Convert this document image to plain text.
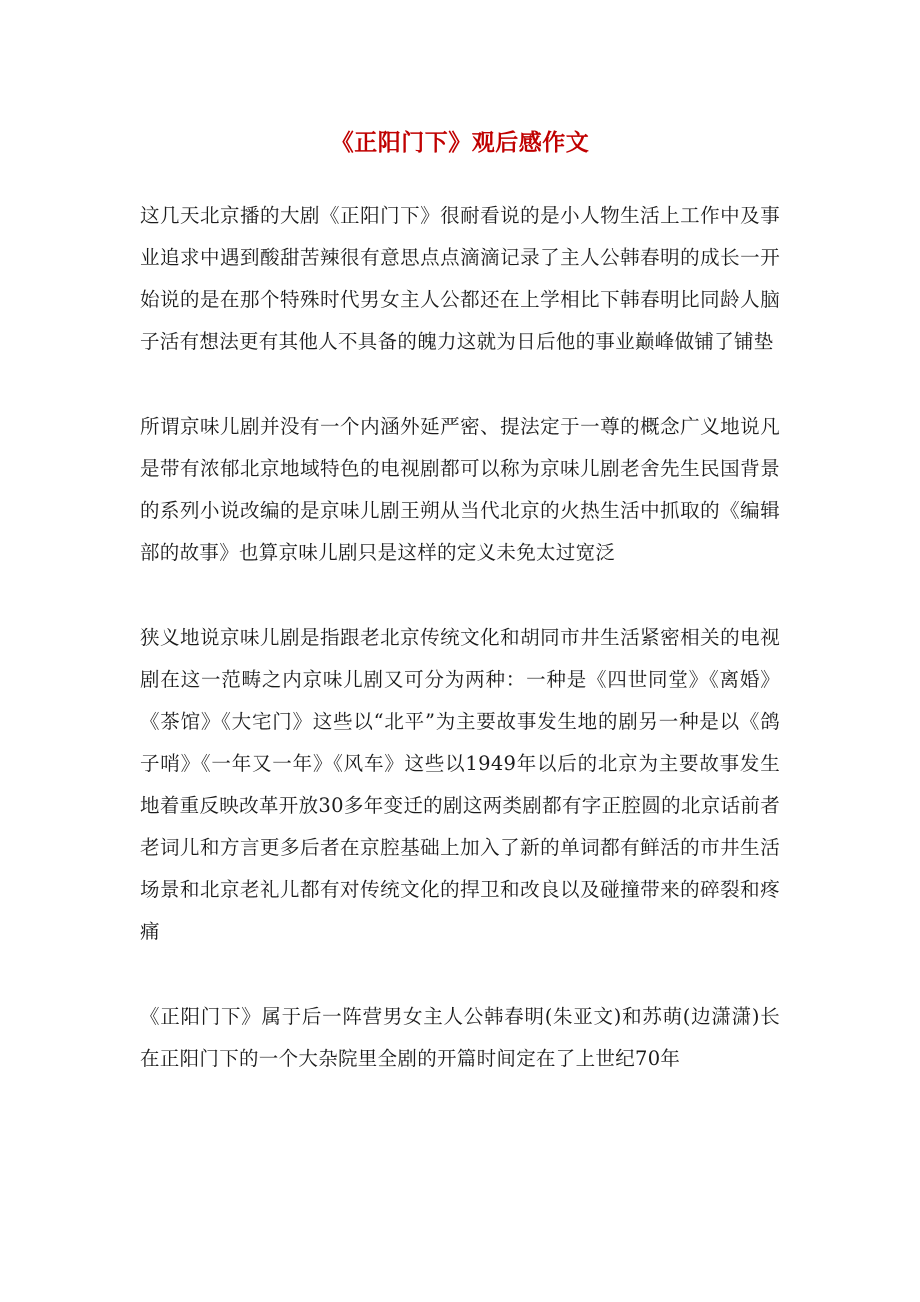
《正阳门下》观后感作文

这几天北京播的大剧《正阳门下》很耐看说的是小人物生活上工作中及事业追求中遇到酸甜苦辣很有意思点点滴滴记录了主人公韩春明的成长一开始说的是在那个特殊时代男女主人公都还在上学相比下韩春明比同龄人脑子活有想法更有其他人不具备的魄力这就为日后他的事业巅峰做铺了铺垫

所谓京味儿剧并没有一个内涵外延严密、提法定于一尊的概念广义地说凡是带有浓郁北京地域特色的电视剧都可以称为京味儿剧老舍先生民国背景的系列小说改编的是京味儿剧王朔从当代北京的火热生活中抓取的《编辑部的故事》也算京味儿剧只是这样的定义未免太过宽泛

狭义地说京味儿剧是指跟老北京传统文化和胡同市井生活紧密相关的电视剧在这一范畴之内京味儿剧又可分为两种：一种是《四世同堂》《离婚》《茶馆》《大宅门》这些以“北平”为主要故事发生地的剧另一种是以《鸽子哨》《一年又一年》《风车》这些以1949年以后的北京为主要故事发生地着重反映改革开放30多年变迁的剧这两类剧都有字正腔圆的北京话前者老词儿和方言更多后者在京腔基础上加入了新的单词都有鲜活的市井生活场景和北京老礼儿都有对传统文化的捍卫和改良以及碰撞带来的碎裂和疼痛

《正阳门下》属于后一阵营男女主人公韩春明(朱亚文)和苏萌(边潇潇)长在正阳门下的一个大杂院里全剧的开篇时间定在了上世纪70年
